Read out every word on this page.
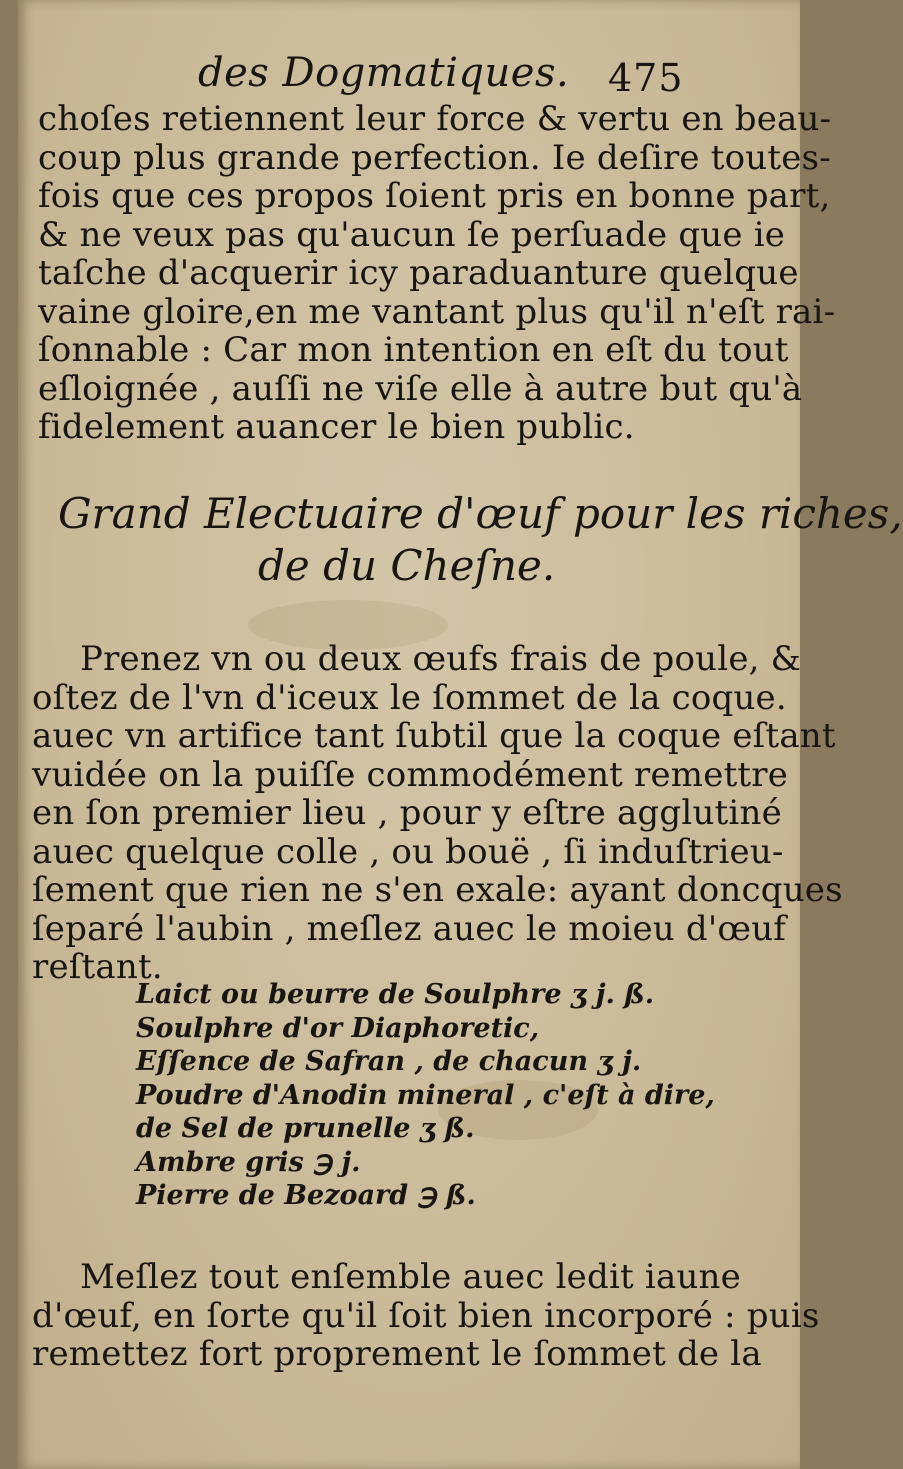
des Dogmatiques. 475
choſes retiennent leur force & vertu en beau-
coup plus grande perfection. Ie deſire toutes-
fois que ces propos ſoient pris en bonne part,
& ne veux pas qu'aucun ſe perſuade que ie
taſche d'acquerir icy paraduanture quelque
vaine gloire,en me vantant plus qu'il n'eſt rai-
ſonnable : Car mon intention en eſt du tout
eſloignée , auſſi ne viſe elle à autre but qu'à
fidelement auancer le bien public.
Grand Electuaire d'œuf pour les riches,
de du Cheſne.
Prenez vn ou deux œufs frais de poule, &
oſtez de l'vn d'iceux le ſommet de la coque.
auec vn artifice tant ſubtil que la coque eſtant
vuidée on la puiſſe commodément remettre
en ſon premier lieu , pour y eſtre agglutiné
auec quelque colle , ou bouë , ſi induſtrieu-
ſement que rien ne s'en exale: ayant doncques
ſeparé l'aubin , meſlez auec le moieu d'œuf
reſtant.
Laict ou beurre de Soulphre ʒ j. ß.
Soulphre d'or Diaphoretic,
Eſſence de Safran , de chacun ʒ j.
Poudre d'Anodin mineral , c'eſt à dire,
de Sel de prunelle ʒ ß.
Ambre gris ℈ j.
Pierre de Bezoard ℈ ß.
Meſlez tout enſemble auec ledit iaune
d'œuf, en ſorte qu'il ſoit bien incorporé : puis
remettez fort proprement le ſommet de la
